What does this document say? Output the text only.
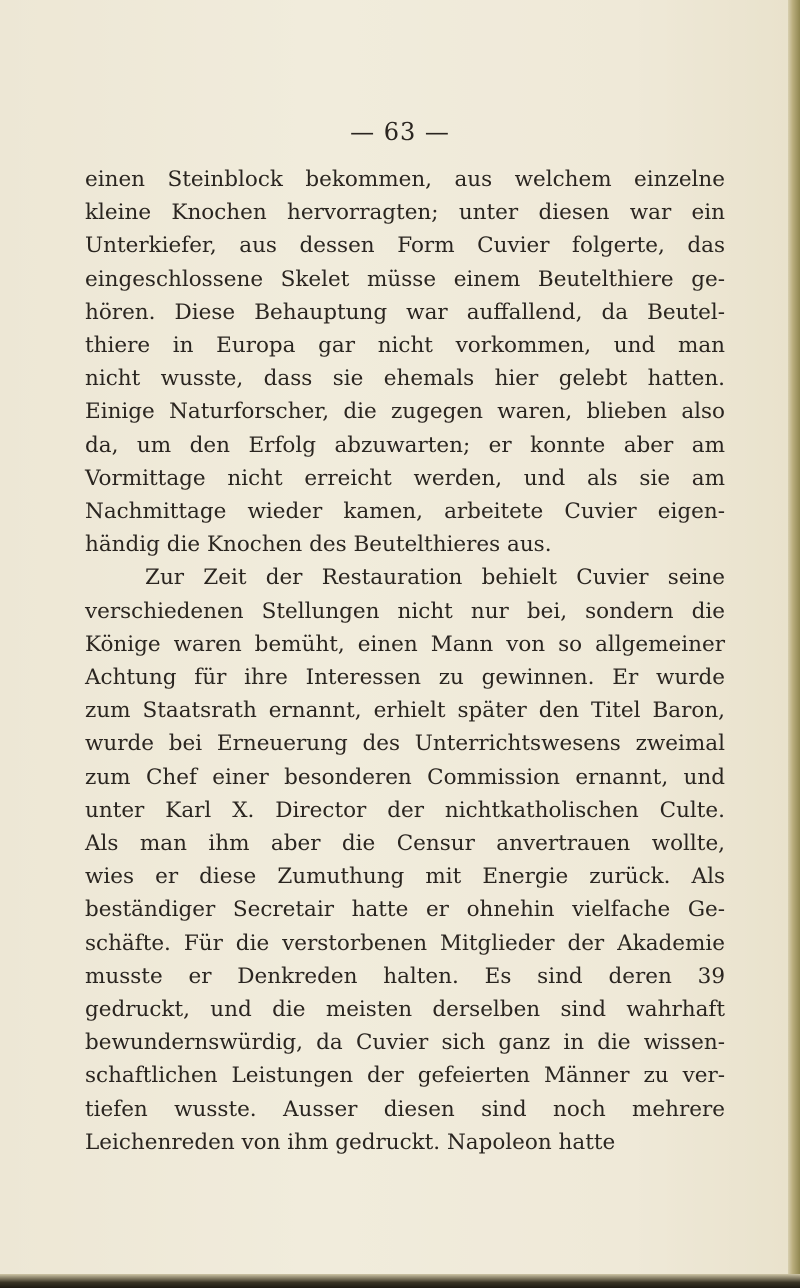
— 63 —
einen Steinblock bekommen, aus welchem einzelne
kleine Knochen hervorragten; unter diesen war ein
Unterkiefer, aus dessen Form Cuvier folgerte, das
eingeschlossene Skelet müsse einem Beutelthiere ge-
hören. Diese Behauptung war auffallend, da Beutel-
thiere in Europa gar nicht vorkommen, und man
nicht wusste, dass sie ehemals hier gelebt hatten.
Einige Naturforscher, die zugegen waren, blieben also
da, um den Erfolg abzuwarten; er konnte aber am
Vormittage nicht erreicht werden, und als sie am
Nachmittage wieder kamen, arbeitete Cuvier eigen-
händig die Knochen des Beutelthieres aus.
Zur Zeit der Restauration behielt Cuvier seine
verschiedenen Stellungen nicht nur bei, sondern die
Könige waren bemüht, einen Mann von so allgemeiner
Achtung für ihre Interessen zu gewinnen. Er wurde
zum Staatsrath ernannt, erhielt später den Titel Baron,
wurde bei Erneuerung des Unterrichtswesens zweimal
zum Chef einer besonderen Commission ernannt, und
unter Karl X. Director der nichtkatholischen Culte.
Als man ihm aber die Censur anvertrauen wollte,
wies er diese Zumuthung mit Energie zurück. Als
beständiger Secretair hatte er ohnehin vielfache Ge-
schäfte. Für die verstorbenen Mitglieder der Akademie
musste er Denkreden halten. Es sind deren 39
gedruckt, und die meisten derselben sind wahrhaft
bewundernswürdig, da Cuvier sich ganz in die wissen-
schaftlichen Leistungen der gefeierten Männer zu ver-
tiefen wusste. Ausser diesen sind noch mehrere
Leichenreden von ihm gedruckt. Napoleon hatte
